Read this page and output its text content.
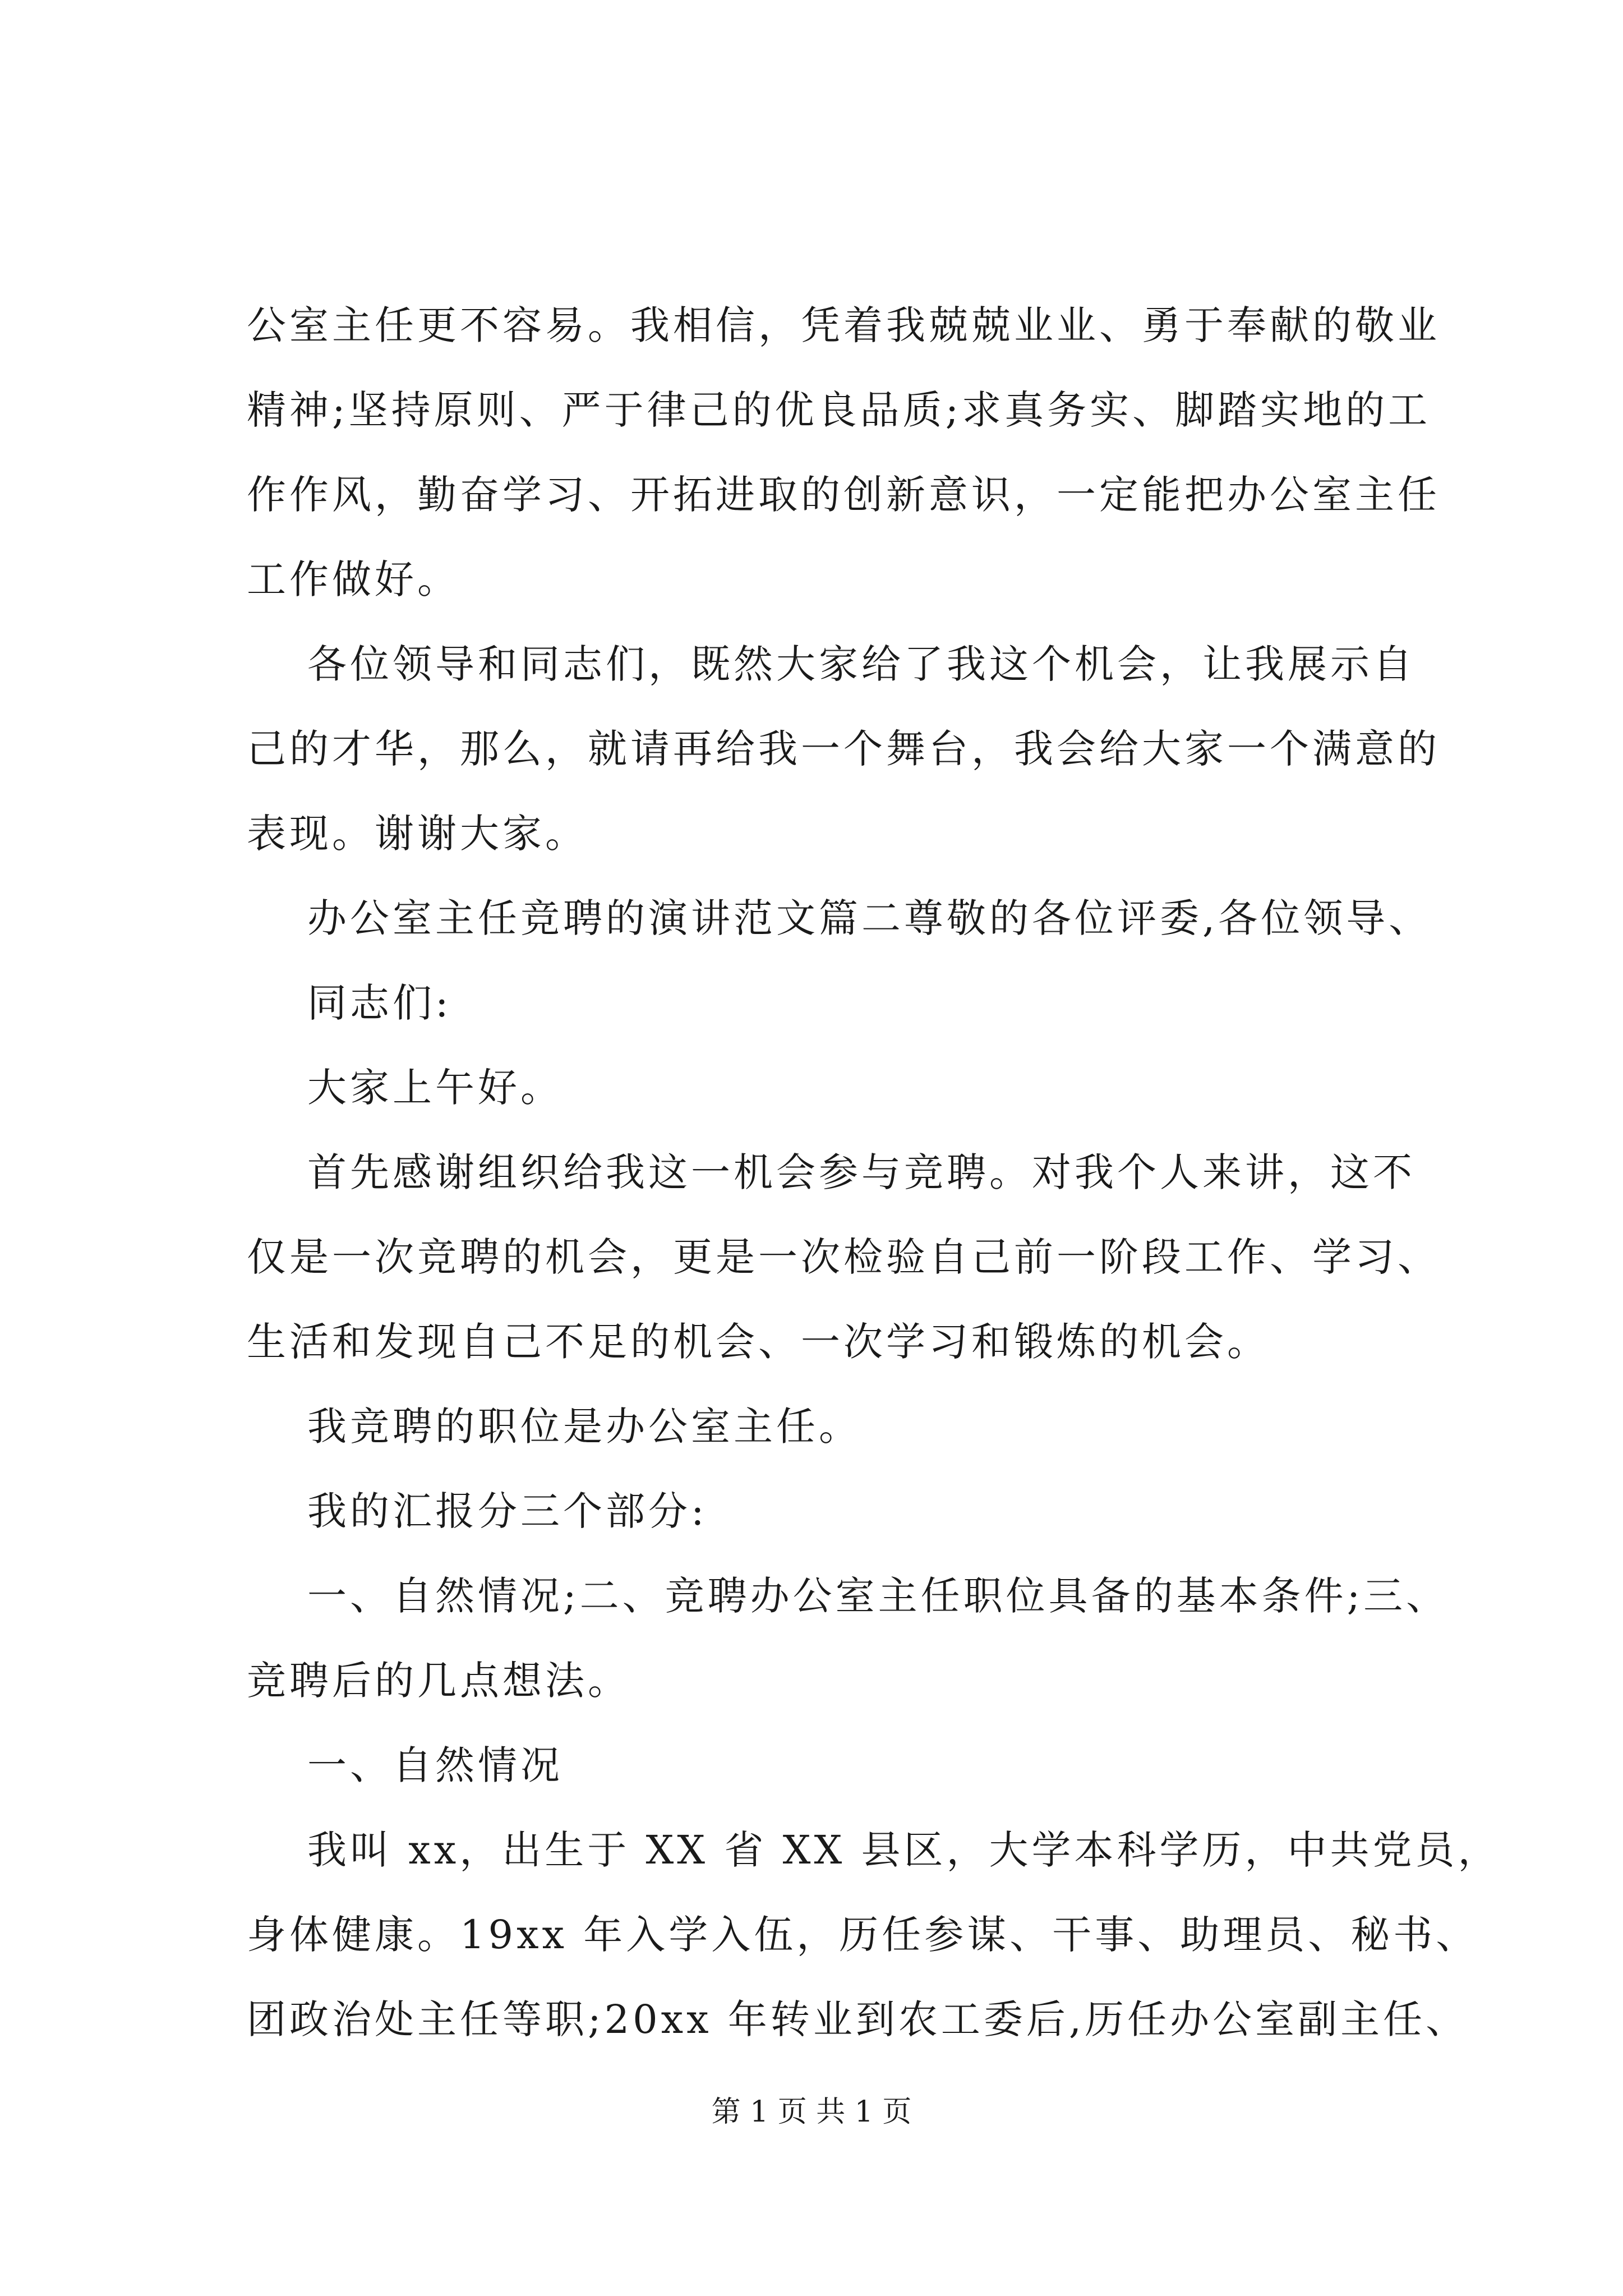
公室主任更不容易。我相信，凭着我兢兢业业、勇于奉献的敬业
精神;坚持原则、严于律己的优良品质;求真务实、脚踏实地的工
作作风，勤奋学习、开拓进取的创新意识，一定能把办公室主任
工作做好。
各位领导和同志们，既然大家给了我这个机会，让我展示自
己的才华，那么，就请再给我一个舞台，我会给大家一个满意的
表现。谢谢大家。
办公室主任竞聘的演讲范文篇二尊敬的各位评委,各位领导、
同志们:
大家上午好。
首先感谢组织给我这一机会参与竞聘。对我个人来讲，这不
仅是一次竞聘的机会，更是一次检验自己前一阶段工作、学习、
生活和发现自己不足的机会、一次学习和锻炼的机会。
我竞聘的职位是办公室主任。
我的汇报分三个部分:
一、自然情况;二、竞聘办公室主任职位具备的基本条件;三、
竞聘后的几点想法。
一、自然情况
我叫 xx，出生于 XX 省 XX 县区，大学本科学历，中共党员，
身体健康。19xx 年入学入伍，历任参谋、干事、助理员、秘书、
团政治处主任等职;20xx 年转业到农工委后,历任办公室副主任、
第 1 页 共 1 页
